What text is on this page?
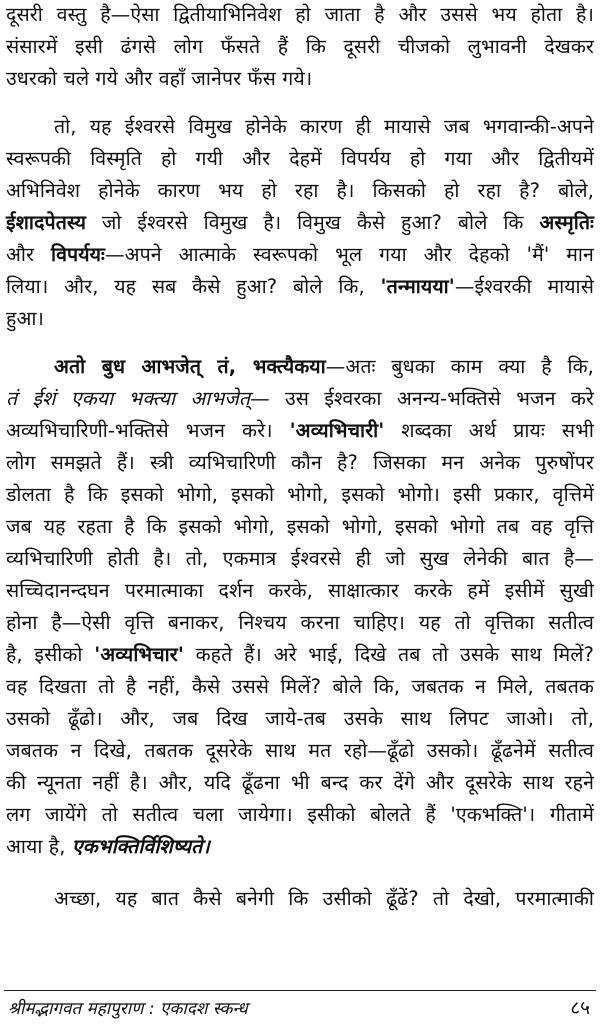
दूसरी वस्तु है—ऐसा द्वितीयाभिनिवेश हो जाता है और उससे भय होता है।
संसारमें इसी ढंगसे लोग फँसते हैं कि दूसरी चीजको लुभावनी देखकर
उधरको चले गये और वहाँ जानेपर फँस गये।
तो, यह ईश्वरसे विमुख होनेके कारण ही मायासे जब भगवान्की-अपने
स्वरूपकी विस्मृति हो गयी और देहमें विपर्यय हो गया और द्वितीयमें
अभिनिवेश होनेके कारण भय हो रहा है। किसको हो रहा है? बोले,
ईशादपेतस्य जो ईश्वरसे विमुख है। विमुख कैसे हुआ? बोले कि अस्मृतिः
और विपर्ययः—अपने आत्माके स्वरूपको भूल गया और देहको 'मैं' मान
लिया। और, यह सब कैसे हुआ? बोले कि, 'तन्मायया'—ईश्वरकी मायासे
हुआ।
अतो बुध आभजेत् तं, भक्त्यैकया—अतः बुधका काम क्या है कि,
तं ईशं एकया भक्त्या आभजेत्— उस ईश्वरका अनन्य-भक्तिसे भजन करे
अव्यभिचारिणी-भक्तिसे भजन करे। 'अव्यभिचारी' शब्दका अर्थ प्रायः सभी
लोग समझते हैं। स्त्री व्यभिचारिणी कौन है? जिसका मन अनेक पुरुषोंपर
डोलता है कि इसको भोगो, इसको भोगो, इसको भोगो। इसी प्रकार, वृत्तिमें
जब यह रहता है कि इसको भोगो, इसको भोगो, इसको भोगो तब वह वृत्ति
व्यभिचारिणी होती है। तो, एकमात्र ईश्वरसे ही जो सुख लेनेकी बात है—
सच्चिदानन्दघन परमात्माका दर्शन करके, साक्षात्कार करके हमें इसीमें सुखी
होना है—ऐसी वृत्ति बनाकर, निश्चय करना चाहिए। यह तो वृत्तिका सतीत्व
है, इसीको 'अव्यभिचार' कहते हैं। अरे भाई, दिखे तब तो उसके साथ मिलें?
वह दिखता तो है नहीं, कैसे उससे मिलें? बोले कि, जबतक न मिले, तबतक
उसको ढूँढो। और, जब दिख जाये-तब उसके साथ लिपट जाओ। तो,
जबतक न दिखे, तबतक दूसरेके साथ मत रहो—ढूँढो उसको। ढूँढनेमें सतीत्व
की न्यूनता नहीं है। और, यदि ढूँढना भी बन्द कर देंगे और दूसरेके साथ रहने
लग जायेंगे तो सतीत्व चला जायेगा। इसीको बोलते हैं 'एकभक्ति'। गीतामें
आया है, एकभक्तिर्विशिष्यते।
अच्छा, यह बात कैसे बनेगी कि उसीको ढूँढें? तो देखो, परमात्माकी
श्रीमद्भागवत महापुराण : एकादश स्कन्ध	८५
